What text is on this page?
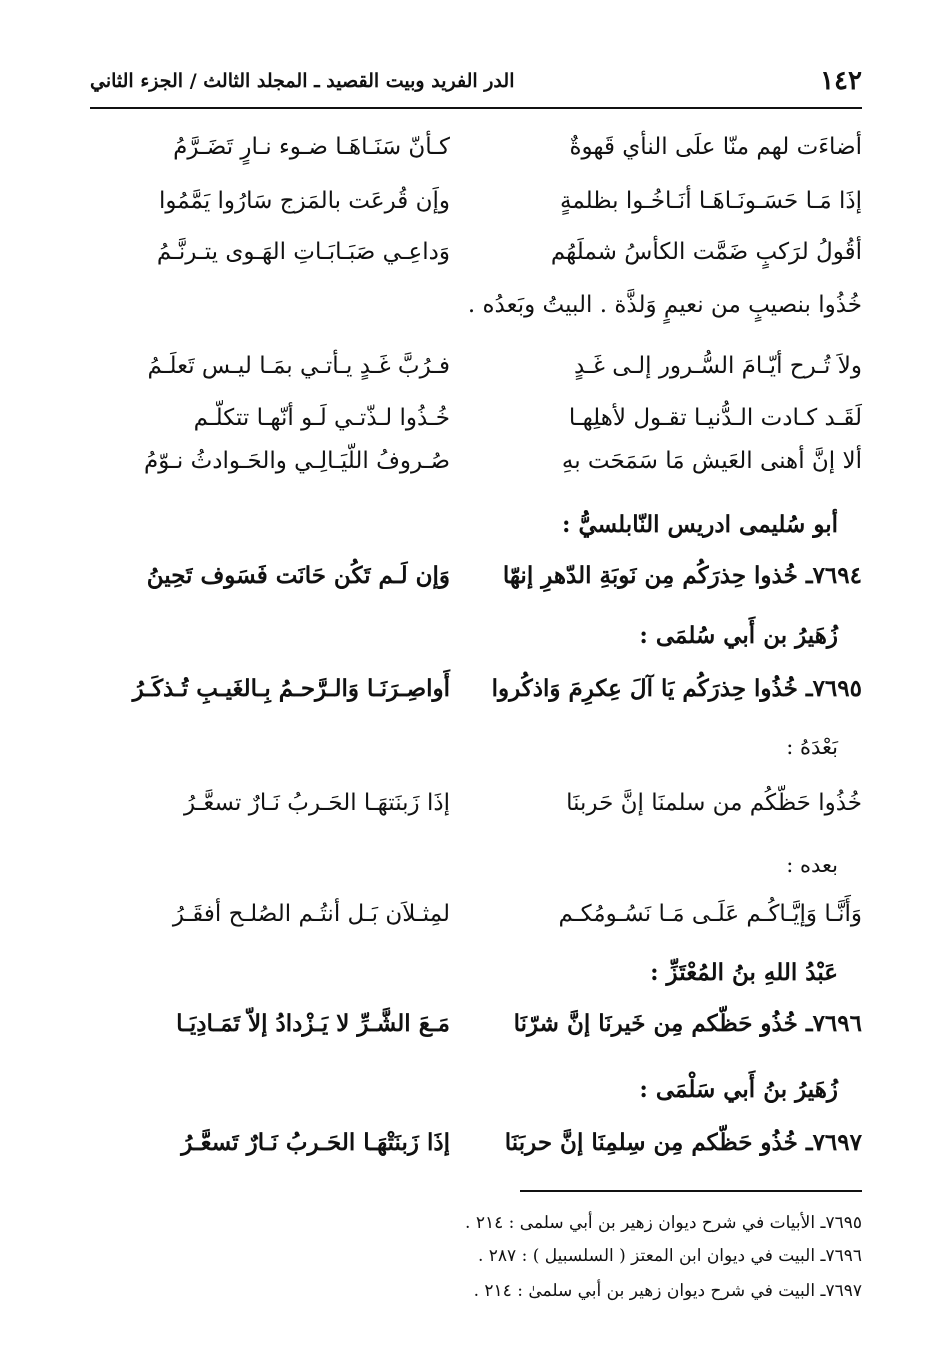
١٤٢
الدر الفريد وبيت القصيد ـ المجلد الثالث / الجزء الثاني
أضاءَت لهم منّا علَى النأي قَهوةٌ
كـأنّ سَنَـاهَـا ضـوء نـارٍ تَضَـرَّمُ
إذَا مَـا حَسَـونَـاهَـا أنَـاخُـوا بظلمةٍ
وإَن قُرعَت بالمَزج سَارُوا يَمَّمُوا
أقُولُ لرَكبٍ ضَمَّت الكأسُ شملَهُم
وَداعِـي صَبَـابَـاتِ الهَـوى يتـرنَّـمُ
خُذُوا بنصيبٍ من نعيمٍ وَلذَّة . البيتُ وبَعدُه .
ولاَ تُـرح أيّـامَ السُّـرور إلـى غَـدٍ
فـرُبَّ غَـدٍ يـأتـي بمَـا ليـس تَعلَـمُ
لَقَـد كـادت الـدُّنيـا تقـول لأهلِهـا
خُـذُوا لـذّتـي لَـو أنّهـا تتكلّـم
ألا إنَّ أهنى العَيش مَا سَمَحَت بهِ
صُـروفُ اللّيَـالِـي والحَـوادثُ نـوّمُ
أبو سُليمى ادريس النّابلسيُّ :
٧٦٩٤ـ خُذوا حِذرَكُم مِن نَوبَةِ الدّهرِ إنهّا
وَإن لَـم تَكُن حَانَت فَسَوف تَحِينُ
زُهَيرُ بن أَبي سُلمَى :
٧٦٩٥ـ خُذُوا حِذرَكُم يَا آلَ عِكرِمَ وَاذكُروا
أَواصِـرَنَـا وَالـرَّحـمُ بِـالغَيـبِ تُـذكَـرُ
بَعْدَهُ :
خُذُوا حَظّكُم من سلمنَا إنَّ حَربنَا
إذَا زَبنَتهَـا الحَـربُ نَـارٌ تسعَّـرُ
بعده :
وَأَنَّـا وَإيَّـاكُـم عَلَـى مَـا نَسُـومُكـم
لمِثـلاَن بَـل أنتُـم الصُلـح أفقَـرُ
عَبْدُ اللهِ بنُ المُعْتَزِّ :
٧٦٩٦ـ خُذُو حَظّكم مِن خَيرنَا إنَّ شرّنَا
مَـعَ الشَّـرِّ لا يَـزْدادُ إلاّ تَمَـادِيَـا
زُهَيرُ بنُ أَبي سَلْمَى :
٧٦٩٧ـ خُذُو حَظّكم مِن سِلمِنَا إنَّ حربَنَا
إذَا زَبنَتْهَـا الحَـربُ نَـارٌ تَسعَّـرُ
٧٦٩٥ـ الأبيات في شرح ديوان زهير بن أبي سلمى : ٢١٤ .
٧٦٩٦ـ البيت في ديوان ابن المعتز ( السلسبيل ) : ٢٨٧ .
٧٦٩٧ـ البيت في شرح ديوان زهير بن أبي سلمىٰ : ٢١٤ .
